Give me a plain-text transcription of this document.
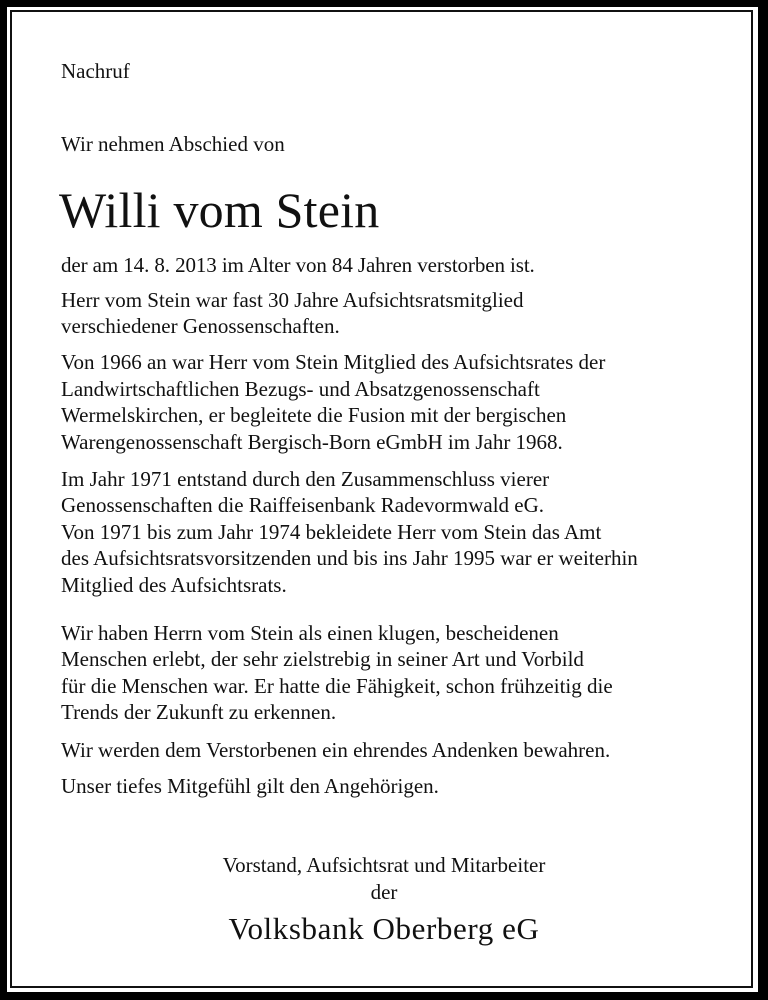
Nachruf
Wir nehmen Abschied von
Willi vom Stein
der am 14. 8. 2013 im Alter von 84 Jahren verstorben ist.
Herr vom Stein war fast 30 Jahre Aufsichtsratsmitglied
verschiedener Genossenschaften.
Von 1966 an war Herr vom Stein Mitglied des Aufsichtsrates der
Landwirtschaftlichen Bezugs- und Absatzgenossenschaft
Wermelskirchen, er begleitete die Fusion mit der bergischen
Warengenossenschaft Bergisch-Born eGmbH im Jahr 1968.
Im Jahr 1971 entstand durch den Zusammenschluss vierer
Genossenschaften die Raiffeisenbank Radevormwald eG.
Von 1971 bis zum Jahr 1974 bekleidete Herr vom Stein das Amt
des Aufsichtsratsvorsitzenden und bis ins Jahr 1995 war er weiterhin
Mitglied des Aufsichtsrats.
Wir haben Herrn vom Stein als einen klugen, bescheidenen
Menschen erlebt, der sehr zielstrebig in seiner Art und Vorbild
für die Menschen war. Er hatte die Fähigkeit, schon frühzeitig die
Trends der Zukunft zu erkennen.
Wir werden dem Verstorbenen ein ehrendes Andenken bewahren.
Unser tiefes Mitgefühl gilt den Angehörigen.
Vorstand, Aufsichtsrat und Mitarbeiter
der
Volksbank Oberberg eG
